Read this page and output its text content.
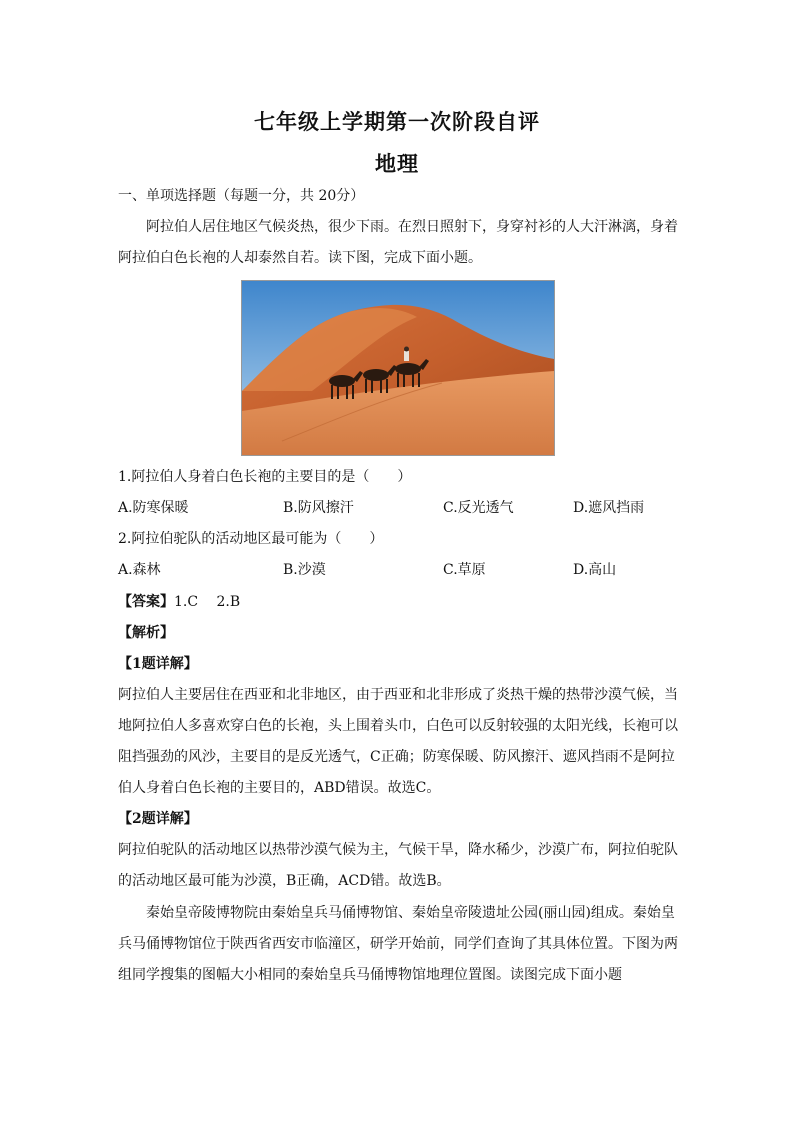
七年级上学期第一次阶段自评
地理
一、单项选择题（每题一分，共 20分）
阿拉伯人居住地区气候炎热，很少下雨。在烈日照射下，身穿衬衫的人大汗淋漓，身着
阿拉伯白色长袍的人却泰然自若。读下图，完成下面小题。
1.阿拉伯人身着白色长袍的主要目的是（　　）
A.防寒保暖	B.防风擦汗	C.反光透气	D.遮风挡雨
2.阿拉伯驼队的活动地区最可能为（　　）
A.森林	B.沙漠	C.草原	D.高山
【答案】1.C　 2.B
【解析】
【1题详解】
阿拉伯人主要居住在西亚和北非地区，由于西亚和北非形成了炎热干燥的热带沙漠气候，当
地阿拉伯人多喜欢穿白色的长袍，头上围着头巾，白色可以反射较强的太阳光线，长袍可以
阻挡强劲的风沙，主要目的是反光透气，C正确；防寒保暖、防风擦汗、遮风挡雨不是阿拉
伯人身着白色长袍的主要目的，ABD错误。故选C。
【2题详解】
阿拉伯驼队的活动地区以热带沙漠气候为主，气候干旱，降水稀少，沙漠广布，阿拉伯驼队
的活动地区最可能为沙漠，B正确，ACD错。故选B。
秦始皇帝陵博物院由秦始皇兵马俑博物馆、秦始皇帝陵遗址公园(丽山园)组成。秦始皇
兵马俑博物馆位于陕西省西安市临潼区，研学开始前，同学们查询了其具体位置。下图为两
组同学搜集的图幅大小相同的秦始皇兵马俑博物馆地理位置图。读图完成下面小题
